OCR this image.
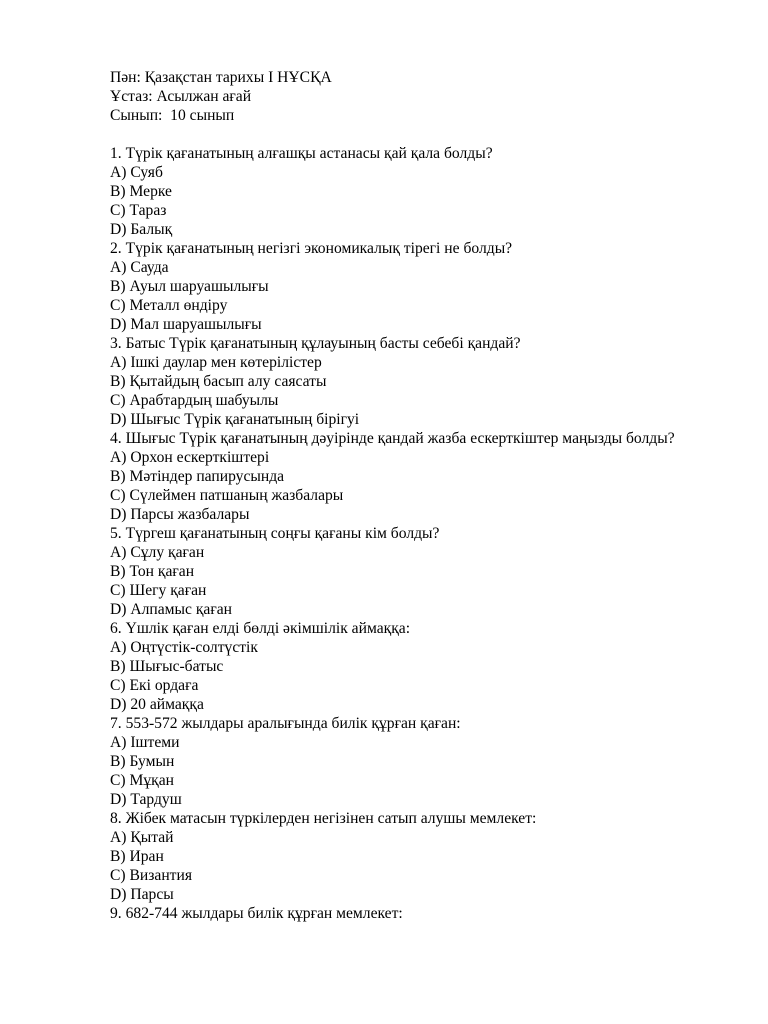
Пән: Қазақстан тарихы І НҰСҚА

Ұстаз: Асылжан ағай

Сынып:  10 сынып

1. Түрік қағанатының алғашқы астанасы қай қала болды?

A) Суяб
B) Мерке
C) Тараз
D) Балық

2. Түрік қағанатының негізгі экономикалық тірегі не болды?

A) Сауда
B) Ауыл шаруашылығы
C) Металл өндіру
D) Мал шаруашылығы

3. Батыс Түрік қағанатының құлауының басты себебі қандай?

A) Ішкі даулар мен көтерілістер
B) Қытайдың басып алу саясаты
C) Арабтардың шабуылы
D) Шығыс Түрік қағанатының бірігуі

4. Шығыс Түрік қағанатының дәуірінде қандай жазба ескерткіштер маңызды болды?

A) Орхон ескерткіштері
B) Мәтіндер папирусында
C) Сүлеймен патшаның жазбалары
D) Парсы жазбалары

5. Түргеш қағанатының соңғы қағаны кім болды?

A) Сұлу қаған
B) Тон қаған
C) Шегу қаған
D) Алпамыс қаған

6. Үшлік қаған елді бөлді әкімшілік аймаққа:

A) Оңтүстік-солтүстік
B) Шығыс-батыс
C) Екі ордаға
D) 20 аймаққа

7. 553-572 жылдары аралығында билік құрған қаған:

A) Іштеми
B) Бумын
C) Мұқан
D) Тардуш

8. Жібек матасын түркілерден негізінен сатып алушы мемлекет:

A) Қытай
B) Иран
C) Византия
D) Парсы

9. 682-744 жылдары билік құрған мемлекет:
